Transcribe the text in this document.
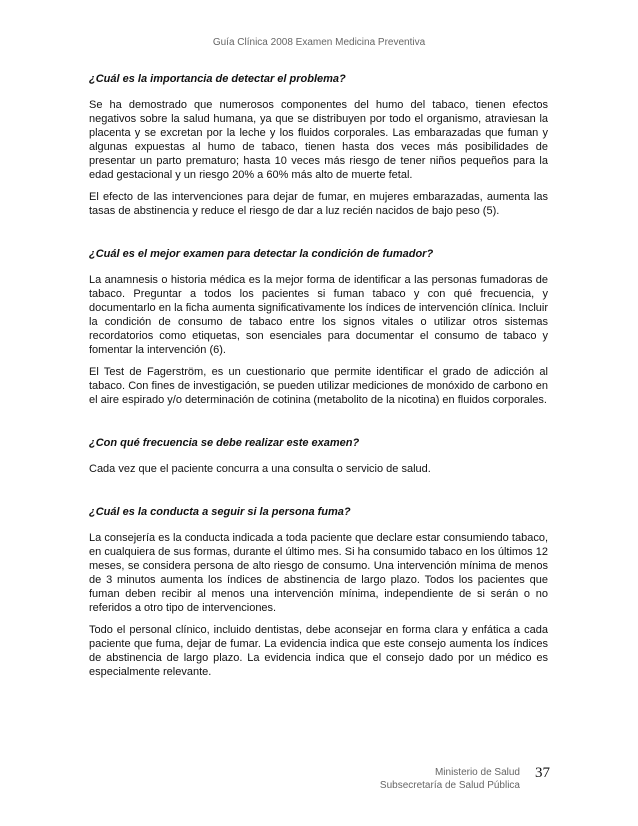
Guía Clínica 2008 Examen Medicina Preventiva

¿Cuál es la importancia de detectar el problema?

Se ha demostrado que numerosos componentes del humo del tabaco, tienen efectos negativos sobre la salud humana, ya que se distribuyen por todo el organismo, atraviesan la placenta y se excretan por la leche y los fluidos corporales. Las embarazadas que fuman y algunas expuestas al humo de tabaco, tienen hasta dos veces más posibilidades de presentar un parto prematuro; hasta 10 veces más riesgo de tener niños pequeños para la edad gestacional y un riesgo 20% a 60% más alto de muerte fetal.

El efecto de las intervenciones para dejar de fumar, en mujeres embarazadas, aumenta las tasas de abstinencia y reduce el riesgo de dar a luz recién nacidos de bajo peso (5).

¿Cuál es el mejor examen para detectar la condición de fumador?

La anamnesis o historia médica es la mejor forma de identificar a las personas fumadoras de tabaco. Preguntar a todos los pacientes si fuman tabaco y con qué frecuencia, y documentarlo en la ficha aumenta significativamente los índices de intervención clínica. Incluir la condición de consumo de tabaco entre los signos vitales o utilizar otros sistemas recordatorios como etiquetas, son esenciales para documentar el consumo de tabaco y fomentar la intervención (6).

El Test de Fagerström, es un cuestionario que permite identificar el grado de adicción al tabaco. Con fines de investigación, se pueden utilizar mediciones de monóxido de carbono en el aire espirado y/o determinación de cotinina (metabolito de la nicotina) en fluidos corporales.

¿Con qué frecuencia se debe realizar este examen?

Cada vez que el paciente concurra a una consulta o servicio de salud.

¿Cuál es la conducta a seguir si la persona fuma?

La consejería es la conducta indicada a toda paciente que declare estar consumiendo tabaco, en cualquiera de sus formas, durante el último mes. Si ha consumido tabaco en los últimos 12 meses, se considera persona de alto riesgo de consumo. Una intervención mínima de menos de 3 minutos aumenta los índices de abstinencia de largo plazo. Todos los pacientes que fuman deben recibir al menos una intervención mínima, independiente de si serán o no referidos a otro tipo de intervenciones.

Todo el personal clínico, incluido dentistas, debe aconsejar en forma clara y enfática a cada paciente que fuma, dejar de fumar. La evidencia indica que este consejo aumenta los índices de abstinencia de largo plazo. La evidencia indica que el consejo dado por un médico es especialmente relevante.

Ministerio de Salud
Subsecretaría de Salud Pública
37
